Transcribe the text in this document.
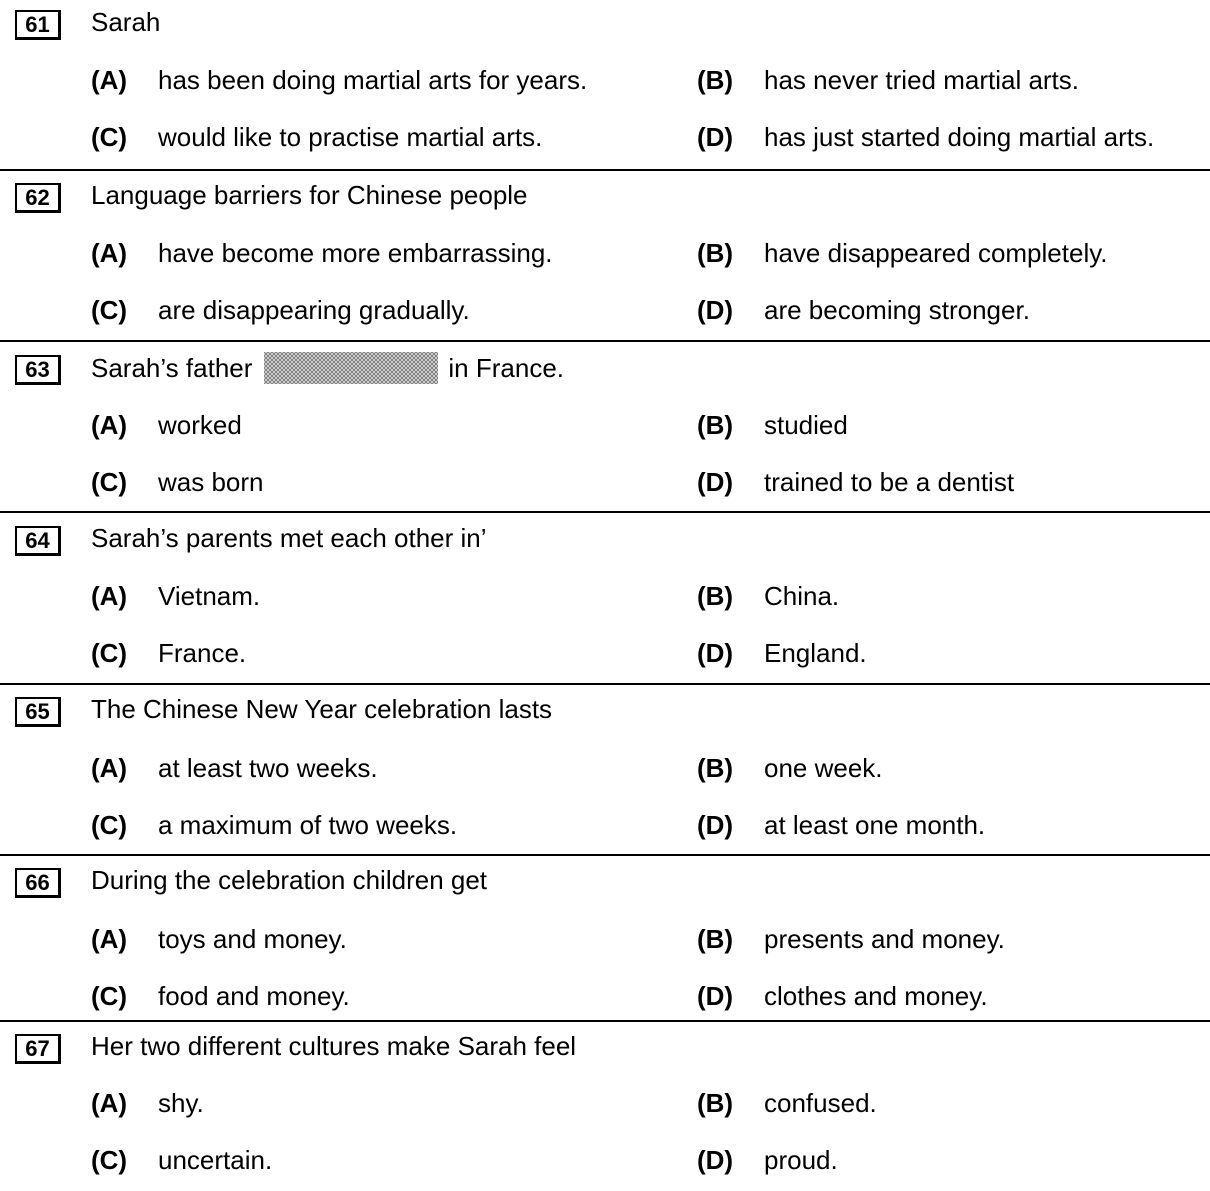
61	Sarah
(A) has been doing martial arts for years.	(B) has never tried martial arts.
(C) would like to practise martial arts.	(D) has just started doing martial arts.
62	Language barriers for Chinese people
(A) have become more embarrassing.	(B) have disappeared completely.
(C) are disappearing gradually.	(D) are becoming stronger.
63	Sarah’s father	in France.
(A) worked	(B) studied
(C) was born	(D) trained to be a dentist
64	Sarah’s parents met each other in’
(A) Vietnam.	(B) China.
(C) France.	(D) England.
65	The Chinese New Year celebration lasts
(A) at least two weeks.	(B) one week.
(C) a maximum of two weeks.	(D) at least one month.
66	During the celebration children get
(A) toys and money.	(B) presents and money.
(C) food and money.	(D) clothes and money.
67	Her two different cultures make Sarah feel
(A) shy.	(B) confused.
(C) uncertain.	(D) proud.
